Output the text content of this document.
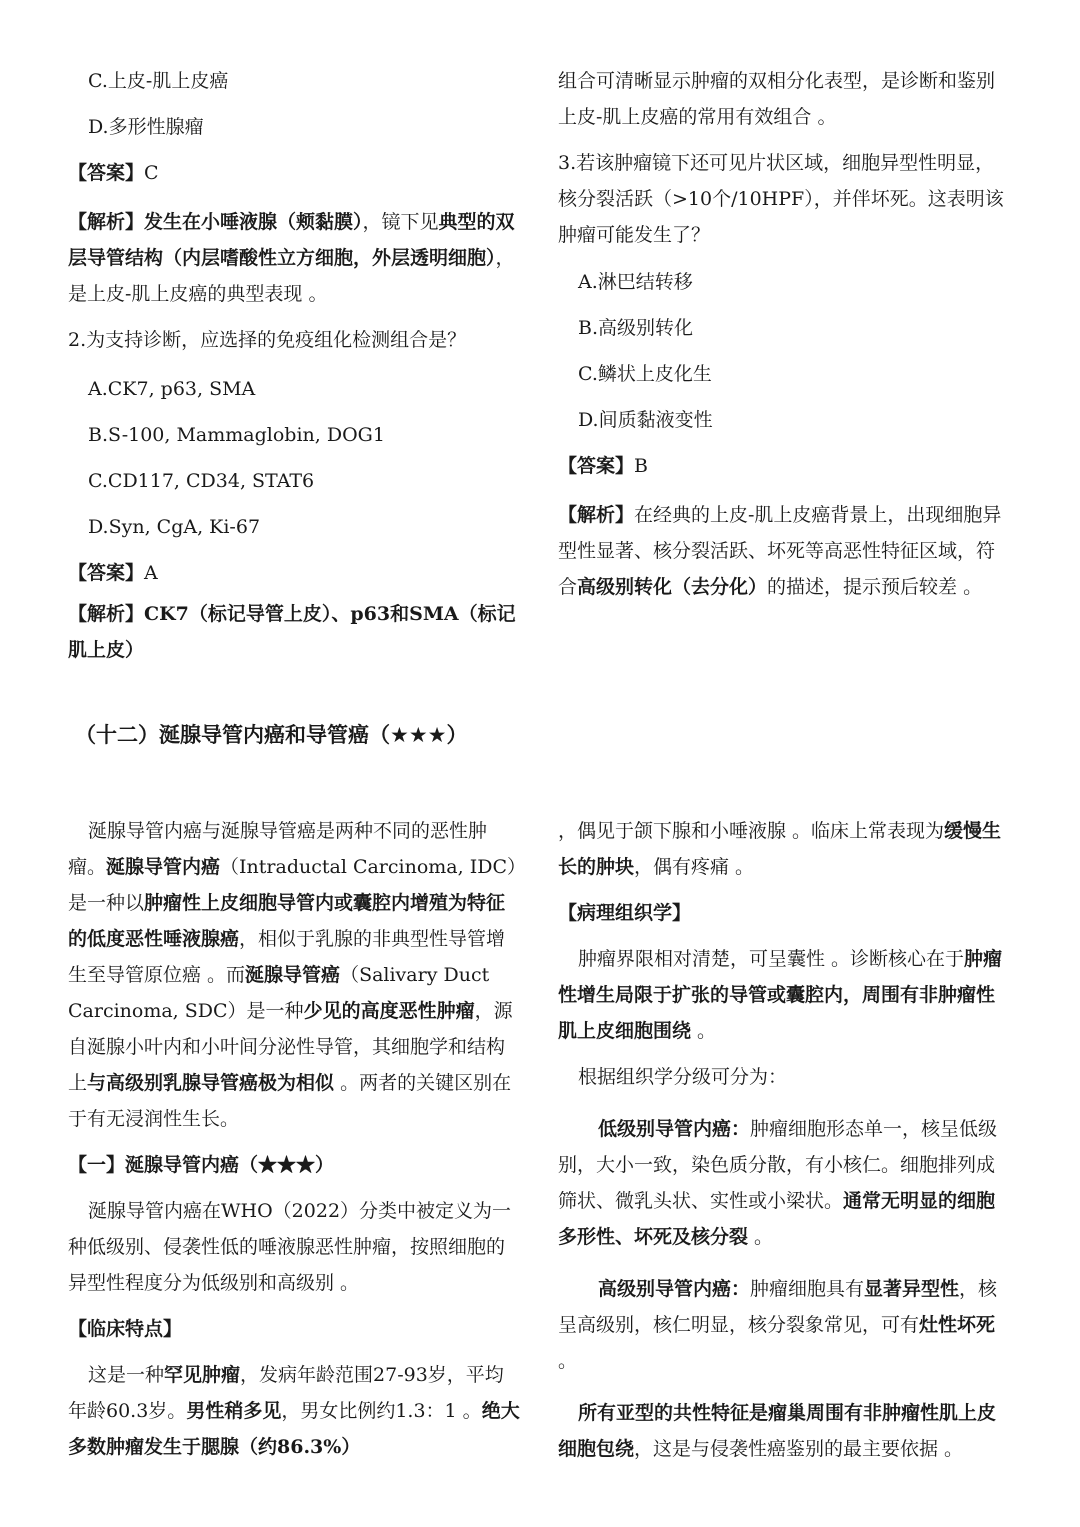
C.上皮-肌上皮癌

D.多形性腺瘤

【答案】C

【解析】发生在小唾液腺（颊黏膜），镜下见典型的双层导管结构（内层嗜酸性立方细胞，外层透明细胞），是上皮-肌上皮癌的典型表现 。

2.为支持诊断，应选择的免疫组化检测组合是？

A.CK7, p63, SMA

B.S-100, Mammaglobin, DOG1

C.CD117, CD34, STAT6

D.Syn, CgA, Ki-67

【答案】A

【解析】CK7（标记导管上皮）、p63和SMA（标记肌上皮）

组合可清晰显示肿瘤的双相分化表型，是诊断和鉴别上皮-肌上皮癌的常用有效组合 。

3.若该肿瘤镜下还可见片状区域，细胞异型性明显，核分裂活跃（>10个/10HPF），并伴坏死。这表明该肿瘤可能发生了？

A.淋巴结转移

B.高级别转化

C.鳞状上皮化生

D.间质黏液变性

【答案】B

【解析】在经典的上皮-肌上皮癌背景上，出现细胞异型性显著、核分裂活跃、坏死等高恶性特征区域，符合高级别转化（去分化）的描述，提示预后较差 。

（十二）涎腺导管内癌和导管癌（★★★）

涎腺导管内癌与涎腺导管癌是两种不同的恶性肿瘤。涎腺导管内癌（Intraductal Carcinoma, IDC）是一种以肿瘤性上皮细胞导管内或囊腔内增殖为特征的低度恶性唾液腺癌，相似于乳腺的非典型性导管增生至导管原位癌 。而涎腺导管癌（Salivary Duct Carcinoma, SDC）是一种少见的高度恶性肿瘤，源自涎腺小叶内和小叶间分泌性导管，其细胞学和结构上与高级别乳腺导管癌极为相似 。两者的关键区别在于有无浸润性生长。

【一】涎腺导管内癌（★★★）

涎腺导管内癌在WHO（2022）分类中被定义为一种低级别、侵袭性低的唾液腺恶性肿瘤，按照细胞的异型性程度分为低级别和高级别 。

【临床特点】

这是一种罕见肿瘤，发病年龄范围27-93岁，平均年龄60.3岁。男性稍多见，男女比例约1.3：1 。绝大多数肿瘤发生于腮腺（约86.3%）

，偶见于颌下腺和小唾液腺 。临床上常表现为缓慢生长的肿块，偶有疼痛 。

【病理组织学】

肿瘤界限相对清楚，可呈囊性 。诊断核心在于肿瘤性增生局限于扩张的导管或囊腔内，周围有非肿瘤性肌上皮细胞围绕 。

根据组织学分级可分为：

低级别导管内癌：肿瘤细胞形态单一，核呈低级别，大小一致，染色质分散，有小核仁。细胞排列成筛状、微乳头状、实性或小梁状。通常无明显的细胞多形性、坏死及核分裂 。

高级别导管内癌：肿瘤细胞具有显著异型性，核呈高级别，核仁明显，核分裂象常见，可有灶性坏死 。

所有亚型的共性特征是瘤巢周围有非肿瘤性肌上皮细胞包绕，这是与侵袭性癌鉴别的最主要依据 。
